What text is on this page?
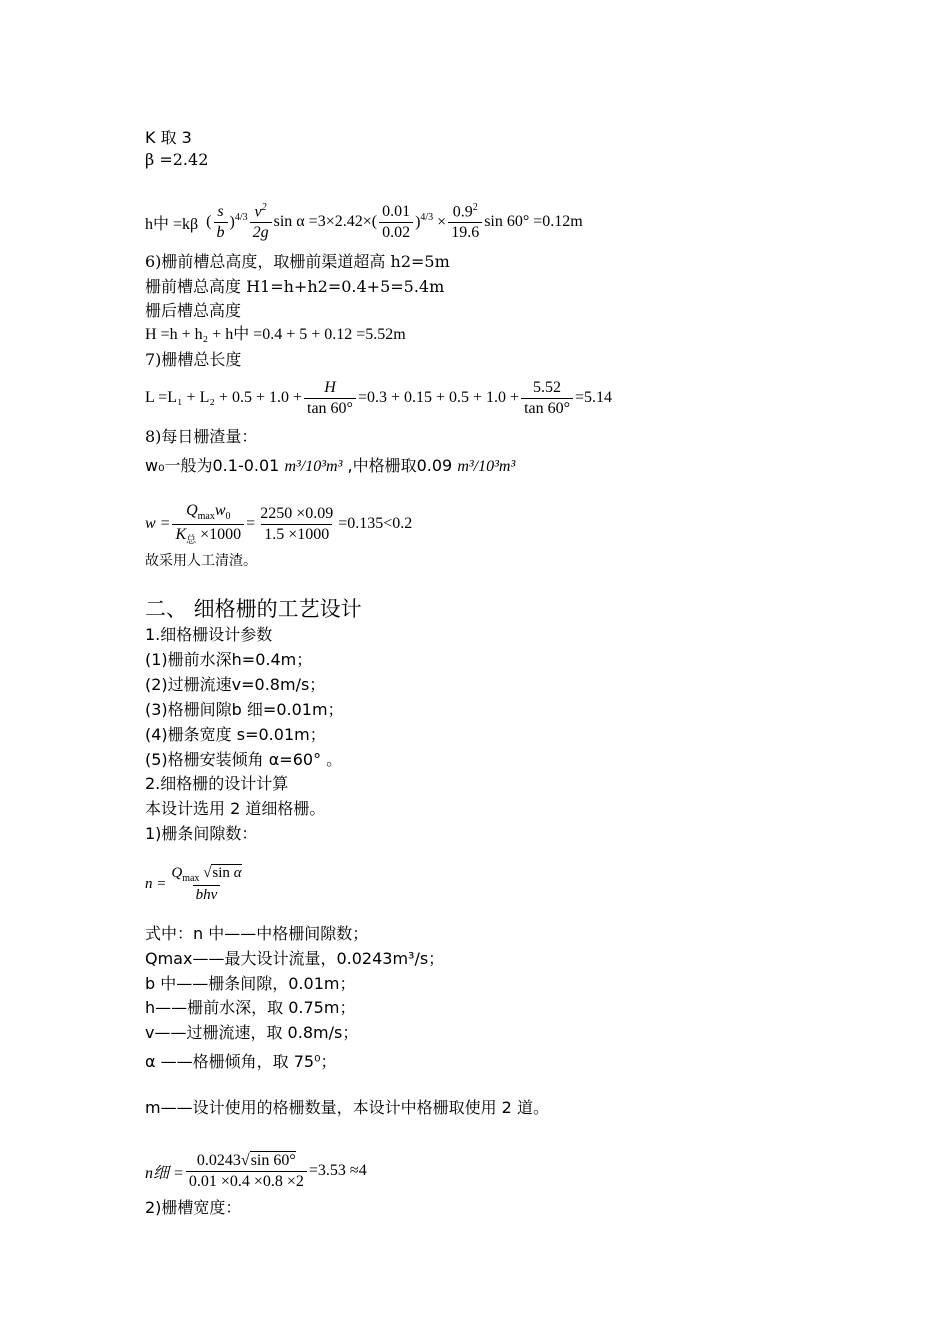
K 取 3
β =2.42
h中 =kβ ( $\frac{s}{b} )^{4/3} \frac{v^2}{2g}$ $\sin \alpha =3\times 2.42\times( \frac{0.01}{0.02} )^{4/3} \times \frac{0.9^2}{19.6}$ sin 60° =0.12m
6)栅前槽总高度，取栅前渠道超高 h2=5m
栅前槽总高度 H1=h+h2=0.4+5=5.4m
栅后槽总高度
H =h + h₂ + h中 =0.4 + 5 + 0.12 =5.52m
7)栅槽总长度
$L =L_1 + L_2 + 0.5 + 1.0 + \frac{H}{\tan 60^\circ} =0.3 + 0.15 + 0.5 + 1.0 + \frac{5.52}{\tan 60^\circ} =5.14$
8)每日栅渣量：
w₀一般为0.1-0.01 m³/10³m³ ,中格栅取0.09 m³/10³m³
$w = \frac{Q_{max}w_0}{K_总 \times 1000} = \frac{2250 \times 0.09}{1.5 \times 1000} =0.135<0.2$
故采用人工清渣。
二、 细格栅的工艺设计
1.细格栅设计参数
(1)栅前水深h=0.4m；
(2)过栅流速v=0.8m/s；
(3)格栅间隙b 细=0.01m；
(4)栅条宽度 s=0.01m；
(5)格栅安装倾角 α=60° 。
2.细格栅的设计计算
本设计选用 2 道细格栅。
1)栅条间隙数：
$n = \frac{Q_{max} √\sin \alpha}{\text{bhv}}$
式中：n 中——中格栅间隙数；
Qmax——最大设计流量，0.0243m³/s；
b 中——栅条间隙，0.01m；
h——栅前水深，取 0.75m；
v——过栅流速，取 0.8m/s；
α ——格栅倾角，取 75⁰；
m——设计使用的格栅数量，本设计中格栅取使用 2 道。
n细 = $\frac{0.0243√\sin 60^\circ}{0.01 \times 0.4 \times 0.8 \times 2} =3.53 \approx 4$
2)栅槽宽度：
